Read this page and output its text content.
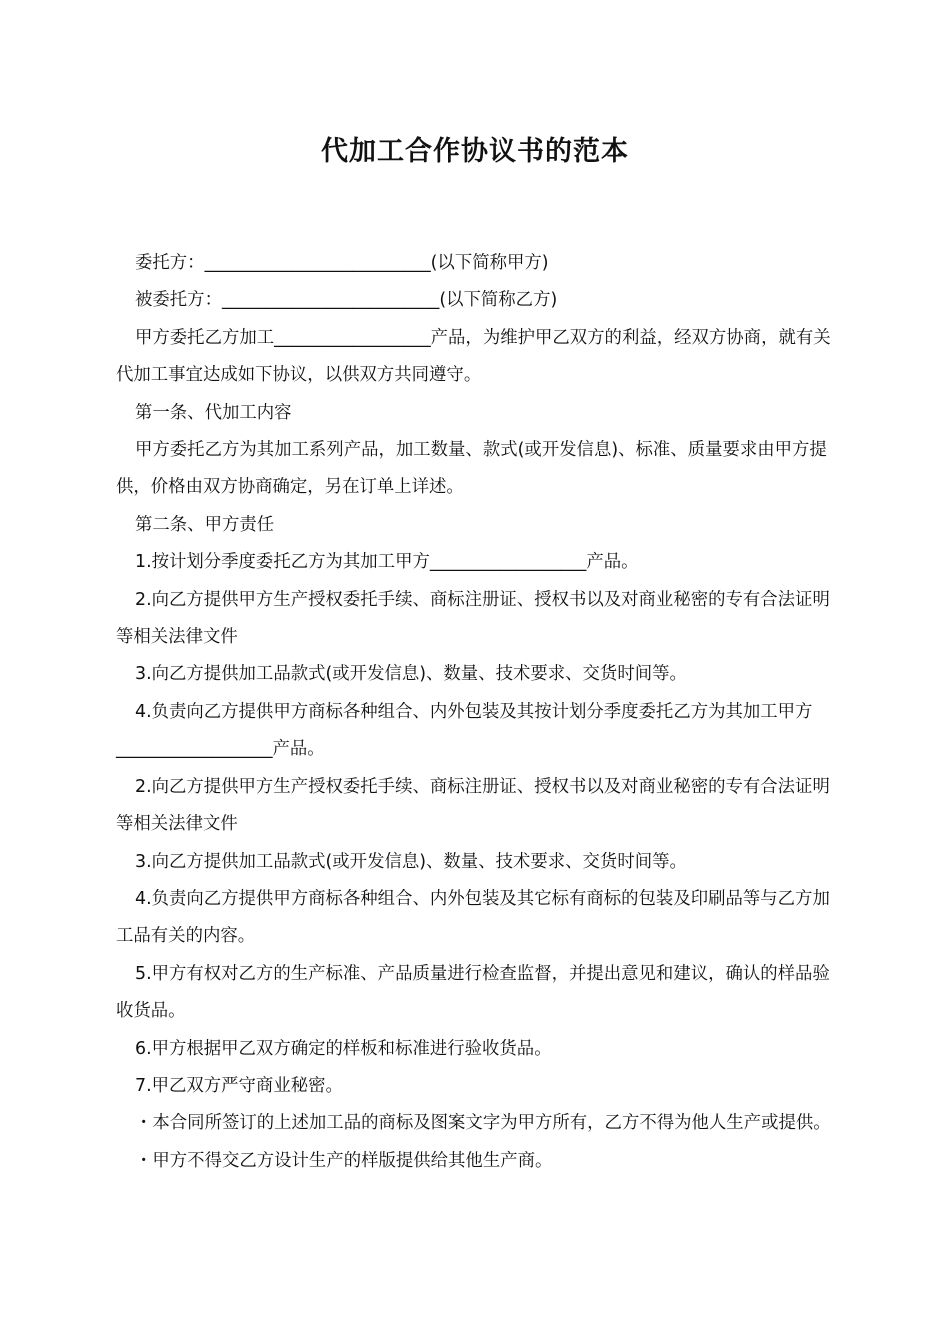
代加工合作协议书的范本

委托方：__________________________(以下简称甲方)

被委托方：_________________________(以下简称乙方)

甲方委托乙方加工__________________产品，为维护甲乙双方的利益，经双方协商，就有关代加工事宜达成如下协议，以供双方共同遵守。

第一条、代加工内容

甲方委托乙方为其加工系列产品，加工数量、款式(或开发信息)、标准、质量要求由甲方提供，价格由双方协商确定，另在订单上详述。

第二条、甲方责任

1.按计划分季度委托乙方为其加工甲方__________________产品。

2.向乙方提供甲方生产授权委托手续、商标注册证、授权书以及对商业秘密的专有合法证明等相关法律文件

3.向乙方提供加工品款式(或开发信息)、数量、技术要求、交货时间等。

4.负责向乙方提供甲方商标各种组合、内外包装及其按计划分季度委托乙方为其加工甲方__________________产品。

2.向乙方提供甲方生产授权委托手续、商标注册证、授权书以及对商业秘密的专有合法证明等相关法律文件

3.向乙方提供加工品款式(或开发信息)、数量、技术要求、交货时间等。

4.负责向乙方提供甲方商标各种组合、内外包装及其它标有商标的包装及印刷品等与乙方加工品有关的内容。

5.甲方有权对乙方的生产标准、产品质量进行检查监督，并提出意见和建议，确认的样品验收货品。

6.甲方根据甲乙双方确定的样板和标准进行验收货品。

7.甲乙双方严守商业秘密。

・本合同所签订的上述加工品的商标及图案文字为甲方所有，乙方不得为他人生产或提供。

・甲方不得交乙方设计生产的样版提供给其他生产商。
